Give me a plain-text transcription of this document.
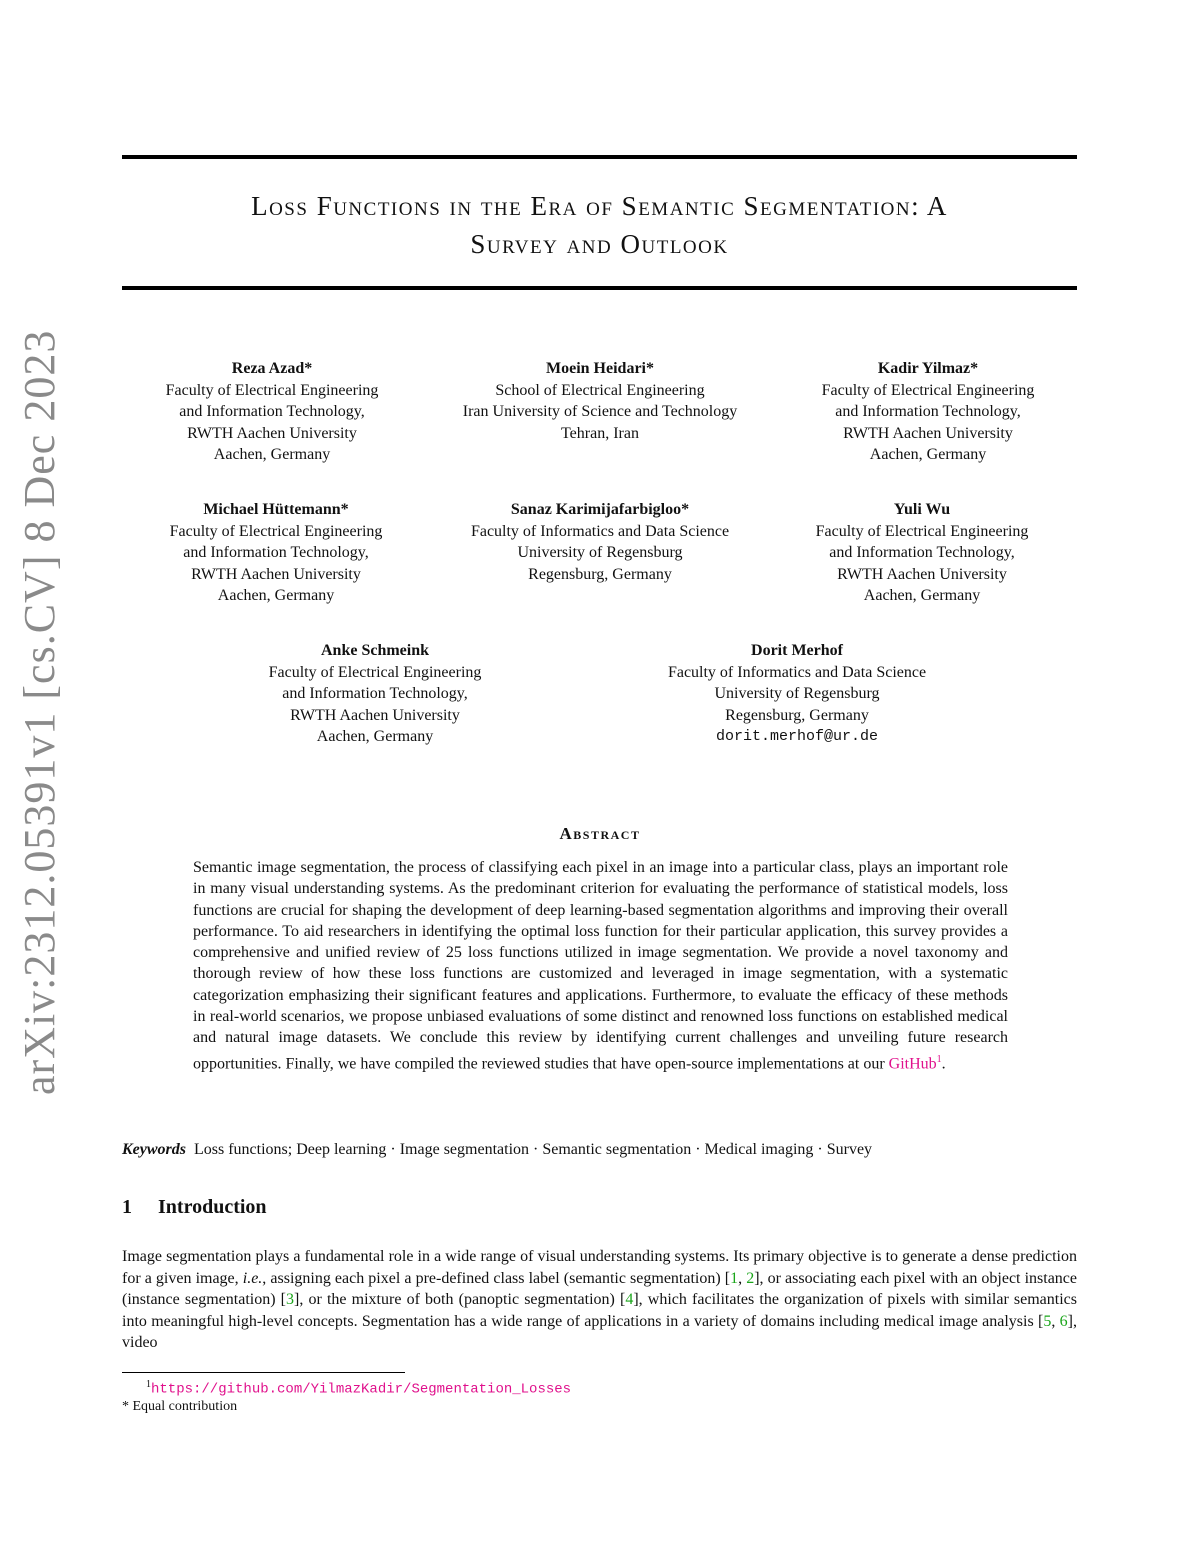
arXiv:2312.05391v1 [cs.CV] 8 Dec 2023
Loss Functions in the Era of Semantic Segmentation: A
Survey and Outlook
Reza Azad*
Faculty of Electrical Engineering
and Information Technology,
RWTH Aachen University
Aachen, Germany
Moein Heidari*
School of Electrical Engineering
Iran University of Science and Technology
Tehran, Iran
Kadir Yilmaz*
Faculty of Electrical Engineering
and Information Technology,
RWTH Aachen University
Aachen, Germany
Michael Hüttemann*
Faculty of Electrical Engineering
and Information Technology,
RWTH Aachen University
Aachen, Germany
Sanaz Karimijafarbigloo*
Faculty of Informatics and Data Science
University of Regensburg
Regensburg, Germany
Yuli Wu
Faculty of Electrical Engineering
and Information Technology,
RWTH Aachen University
Aachen, Germany
Anke Schmeink
Faculty of Electrical Engineering
and Information Technology,
RWTH Aachen University
Aachen, Germany
Dorit Merhof
Faculty of Informatics and Data Science
University of Regensburg
Regensburg, Germany
dorit.merhof@ur.de
Abstract
Semantic image segmentation, the process of classifying each pixel in an image into a particular class, plays an important role in many visual understanding systems. As the predominant criterion for evaluating the performance of statistical models, loss functions are crucial for shaping the development of deep learning-based segmentation algorithms and improving their overall performance. To aid researchers in identifying the optimal loss function for their particular application, this survey provides a comprehensive and unified review of 25 loss functions utilized in image segmentation. We provide a novel taxonomy and thorough review of how these loss functions are customized and leveraged in image segmentation, with a systematic categorization emphasizing their significant features and applications. Furthermore, to evaluate the efficacy of these methods in real-world scenarios, we propose unbiased evaluations of some distinct and renowned loss functions on established medical and natural image datasets. We conclude this review by identifying current challenges and unveiling future research opportunities. Finally, we have compiled the reviewed studies that have open-source implementations at our GitHub$^1$.
Keywords Loss functions; Deep learning · Image segmentation · Semantic segmentation · Medical imaging · Survey
1 Introduction
Image segmentation plays a fundamental role in a wide range of visual understanding systems. Its primary objective is to generate a dense prediction for a given image, i.e., assigning each pixel a pre-defined class label (semantic segmentation) [1, 2], or associating each pixel with an object instance (instance segmentation) [3], or the mixture of both (panoptic segmentation) [4], which facilitates the organization of pixels with similar semantics into meaningful high-level concepts. Segmentation has a wide range of applications in a variety of domains including medical image analysis [5, 6], video
$^1$https://github.com/YilmazKadir/Segmentation_Losses
* Equal contribution
